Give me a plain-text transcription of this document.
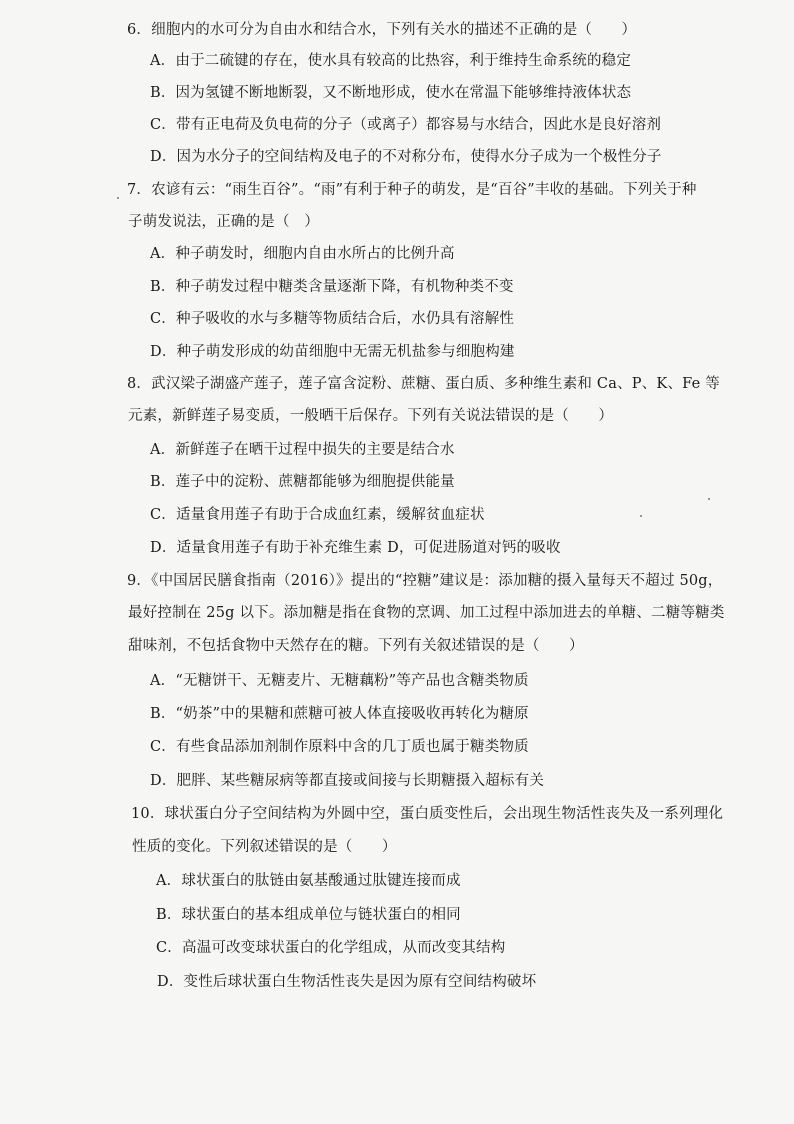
6．细胞内的水可分为自由水和结合水，下列有关水的描述不正确的是（　　）
A．由于二硫键的存在，使水具有较高的比热容，利于维持生命系统的稳定
B．因为氢键不断地断裂，又不断地形成，使水在常温下能够维持液体状态
C．带有正电荷及负电荷的分子（或离子）都容易与水结合，因此水是良好溶剂
D．因为水分子的空间结构及电子的不对称分布，使得水分子成为一个极性分子
7．农谚有云：“雨生百谷”。“雨”有利于种子的萌发，是“百谷”丰收的基础。下列关于种
子萌发说法，正确的是（　）
A．种子萌发时，细胞内自由水所占的比例升高
B．种子萌发过程中糖类含量逐渐下降，有机物种类不变
C．种子吸收的水与多糖等物质结合后，水仍具有溶解性
D．种子萌发形成的幼苗细胞中无需无机盐参与细胞构建
8．武汉梁子湖盛产莲子，莲子富含淀粉、蔗糖、蛋白质、多种维生素和 Ca、P、K、Fe 等
元素，新鲜莲子易变质，一般晒干后保存。下列有关说法错误的是（　　）
A．新鲜莲子在晒干过程中损失的主要是结合水
B．莲子中的淀粉、蔗糖都能够为细胞提供能量
C．适量食用莲子有助于合成血红素，缓解贫血症状
D．适量食用莲子有助于补充维生素 D，可促进肠道对钙的吸收
9．《中国居民膳食指南（2016）》提出的“控糖”建议是：添加糖的摄入量每天不超过 50g，
最好控制在 25g 以下。添加糖是指在食物的烹调、加工过程中添加进去的单糖、二糖等糖类
甜味剂，不包括食物中天然存在的糖。下列有关叙述错误的是（　　）
A．“无糖饼干、无糖麦片、无糖藕粉”等产品也含糖类物质
B．“奶茶”中的果糖和蔗糖可被人体直接吸收再转化为糖原
C．有些食品添加剂制作原料中含的几丁质也属于糖类物质
D．肥胖、某些糖尿病等都直接或间接与长期糖摄入超标有关
10．球状蛋白分子空间结构为外圆中空，蛋白质变性后，会出现生物活性丧失及一系列理化
性质的变化。下列叙述错误的是（　　）
A．球状蛋白的肽链由氨基酸通过肽键连接而成
B．球状蛋白的基本组成单位与链状蛋白的相同
C．高温可改变球状蛋白的化学组成，从而改变其结构
D．变性后球状蛋白生物活性丧失是因为原有空间结构破坏
